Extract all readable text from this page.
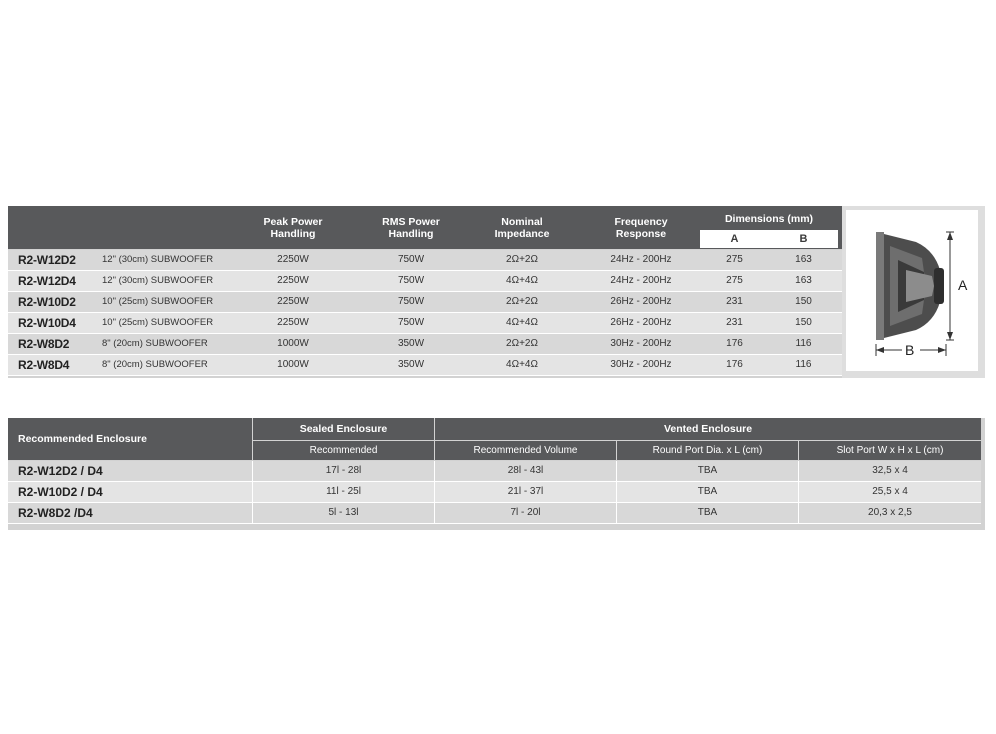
Peak Power
Handling
RMS Power
Handling
Nominal
Impedance
Frequency
Response
Dimensions (mm)
A	B
R2-W12D2	12" (30cm) SUBWOOFER	2250W	750W	2Ω+2Ω	24Hz - 200Hz	275	163
R2-W12D4	12" (30cm) SUBWOOFER	2250W	750W	4Ω+4Ω	24Hz - 200Hz	275	163
R2-W10D2	10" (25cm) SUBWOOFER	2250W	750W	2Ω+2Ω	26Hz - 200Hz	231	150
R2-W10D4	10" (25cm) SUBWOOFER	2250W	750W	4Ω+4Ω	26Hz - 200Hz	231	150
R2-W8D2	8" (20cm) SUBWOOFER	1000W	350W	2Ω+2Ω	30Hz - 200Hz	176	116
R2-W8D4	8" (20cm) SUBWOOFER	1000W	350W	4Ω+4Ω	30Hz - 200Hz	176	116
A
B
Recommended Enclosure
Sealed Enclosure	Vented Enclosure
Recommended	Recommended Volume	Round Port Dia. x L (cm)	Slot Port W x H x L (cm)
R2-W12D2 / D4	17l - 28l	28l - 43l	TBA	32,5 x 4
R2-W10D2 / D4	11l - 25l	21l - 37l	TBA	25,5 x 4
R2-W8D2 /D4	5l - 13l	7l - 20l	TBA	20,3 x 2,5
